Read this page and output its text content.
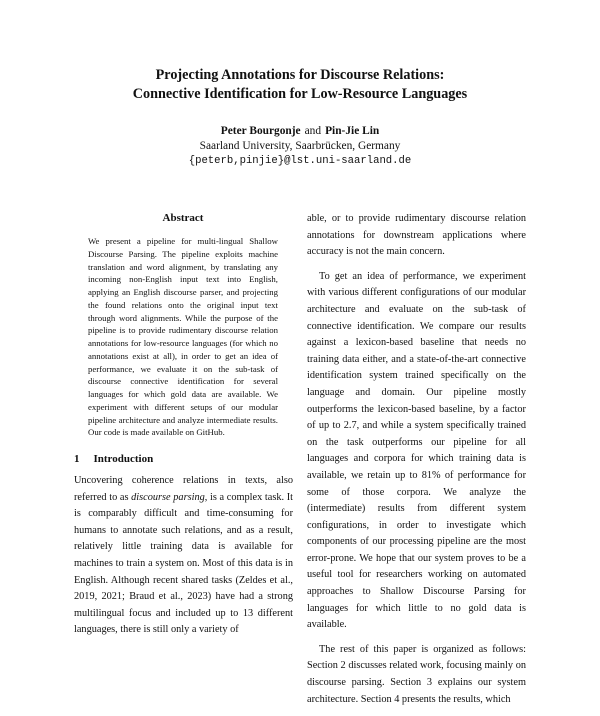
Projecting Annotations for Discourse Relations:
Connective Identification for Low-Resource Languages
Peter Bourgonje and Pin-Jie Lin
Saarland University, Saarbrücken, Germany
{peterb,pinjie}@lst.uni-saarland.de
Abstract
We present a pipeline for multi-lingual Shallow Discourse Parsing. The pipeline exploits machine translation and word alignment, by translating any incoming non-English input text into English, applying an English discourse parser, and projecting the found relations onto the original input text through word alignments. While the purpose of the pipeline is to provide rudimentary discourse relation annotations for low-resource languages (for which no annotations exist at all), in order to get an idea of performance, we evaluate it on the sub-task of discourse connective identification for several languages for which gold data are available. We experiment with different setups of our modular pipeline architecture and analyze intermediate results. Our code is made available on GitHub.
1 Introduction

Uncovering coherence relations in texts, also referred to as discourse parsing, is a complex task. It is comparably difficult and time-consuming for humans to annotate such relations, and as a result, relatively little training data is available for machines to train a system on. Most of this data is in English. Although recent shared tasks (Zeldes et al., 2019, 2021; Braud et al., 2023) have had a strong multilingual focus and included up to 13 different languages, there is still only a variety of

able, or to provide rudimentary discourse relation annotations for downstream applications where accuracy is not the main concern.

To get an idea of performance, we experiment with various different configurations of our modular architecture and evaluate on the sub-task of connective identification. We compare our results against a lexicon-based baseline that needs no training data either, and a state-of-the-art connective identification system trained specifically on the language and domain. Our pipeline mostly outperforms the lexicon-based baseline, by a factor of up to 2.7, and while a system specifically trained on the task outperforms our pipeline for all languages and corpora for which training data is available, we retain up to 81% of performance for some of those corpora. We analyze the (intermediate) results from different system configurations, in order to investigate which components of our processing pipeline are the most error-prone. We hope that our system proves to be a useful tool for researchers working on automated approaches to Shallow Discourse Parsing for languages for which little to no gold data is available.

The rest of this paper is organized as follows: Section 2 discusses related work, focusing mainly on discourse parsing. Section 3 explains our system architecture. Section 4 presents the results, which
